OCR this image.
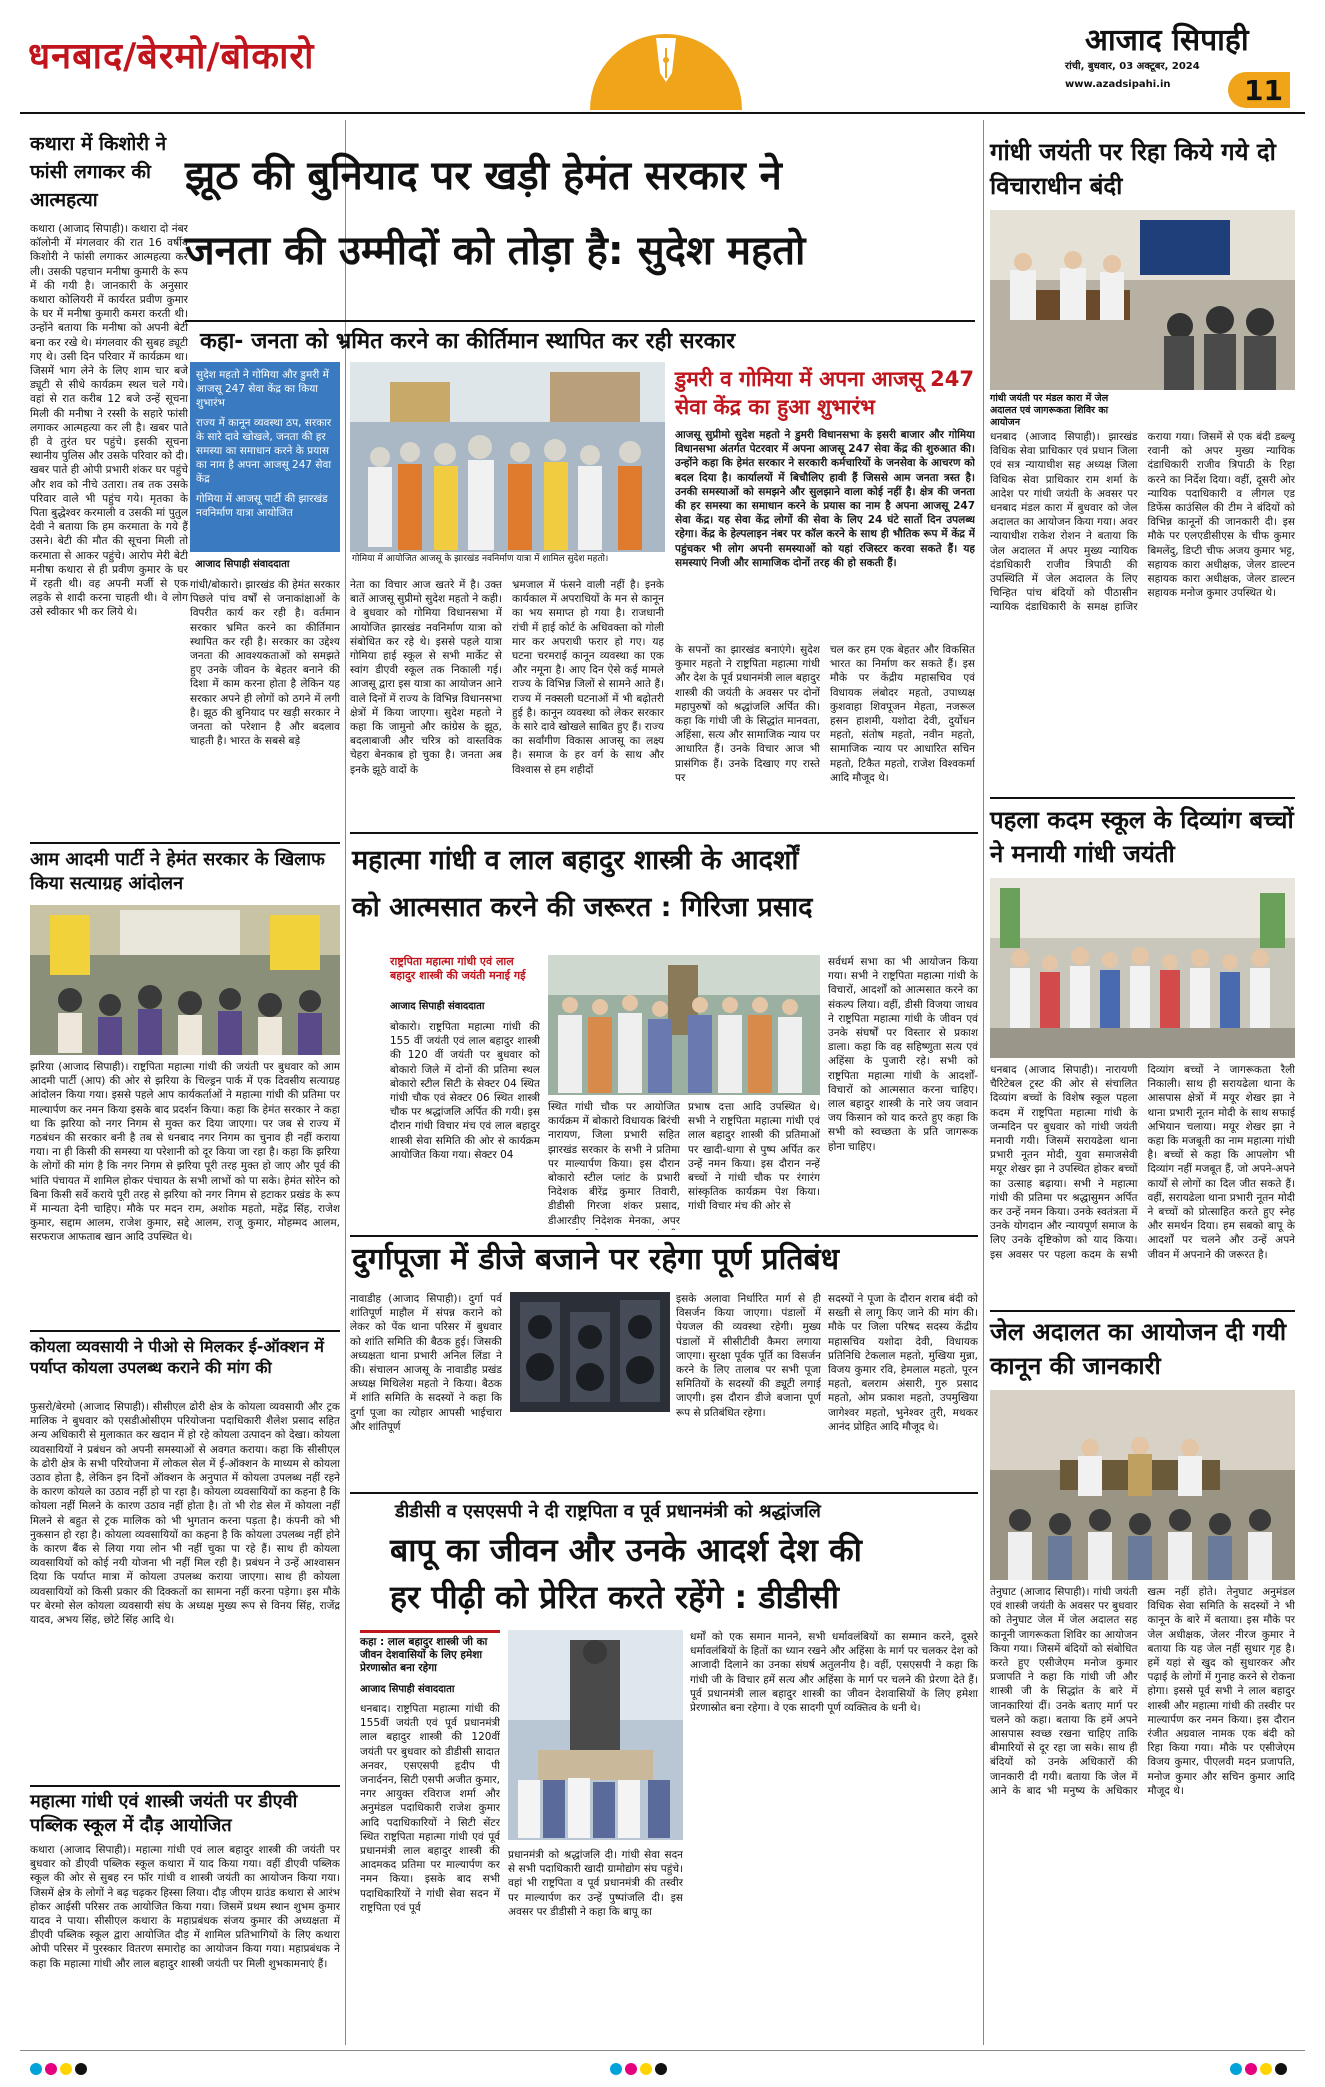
धनबाद/बेरमो/बोकारो	आजाद सिपाही
रांची, बुधवार, 03 अक्टूबर, 2024
www.azadsipahi.in	11
कथारा में किशोरी ने फांसी लगाकर की आत्महत्या
कथारा (आजाद सिपाही)। कथारा दो नंबर कॉलोनी में मंगलवार की रात 16 वर्षीय किशोरी ने फांसी लगाकर आत्महत्या कर ली। उसकी पहचान मनीषा कुमारी के रूप में की गयी है। जानकारी के अनुसार कथारा कोलियरी में कार्यरत प्रवीण कुमार के घर में मनीषा कुमारी कमरा करती थी। उन्होंने बताया कि मनीषा को अपनी बेटी बना कर रखे थे। मंगलवार की सुबह ड्यूटी गए थे। उसी दिन परिवार में कार्यक्रम था। जिसमें भाग लेने के लिए शाम चार बजे ड्यूटी से सीधे कार्यक्रम स्थल चले गये। वहां से रात करीब 12 बजे उन्हें सूचना मिली की मनीषा ने रस्सी के सहारे फांसी लगाकर आत्महत्या कर ली है। खबर पाते ही वे तुरंत घर पहुंचे। इसकी सूचना स्थानीय पुलिस और उसके परिवार को दी। खबर पाते ही ओपी प्रभारी शंकर घर पहुंचे और शव को नीचे उतारा। तब तक उसके परिवार वाले भी पहुंच गये। मृतका के पिता बुद्धेश्वर करमाली व उसकी मां पुतुल देवी ने बताया कि हम करमाता के गये हैं उसने। बेटी की मौत की सूचना मिली तो करमाता से आकर पहुंचे। आरोप मेरी बेटी मनीषा कथारा से ही प्रवीण कुमार के घर में रहती थी। वह अपनी मर्जी से एक लड़के से शादी करना चाहती थी। वे लोग उसे स्वीकार भी कर लिये थे।
आम आदमी पार्टी ने हेमंत सरकार के खिलाफ किया सत्याग्रह आंदोलन
झरिया (आजाद सिपाही)। राष्ट्रपिता महात्मा गांधी की जयंती पर बुधवार को आम आदमी पार्टी (आप) की ओर से झरिया के चिल्ड्रन पार्क में एक दिवसीय सत्याग्रह आंदोलन किया गया। इससे पहले आप कार्यकर्ताओं ने महात्मा गांधी की प्रतिमा पर माल्यार्पण कर नमन किया इसके बाद प्रदर्शन किया। कहा कि हेमंत सरकार ने कहा था कि झरिया को नगर निगम से मुक्त कर दिया जाएगा। पर जब से राज्य में गठबंधन की सरकार बनी है तब से धनबाद नगर निगम का चुनाव ही नहीं कराया गया। ना ही किसी की समस्या या परेशानी को दूर किया जा रहा है। कहा कि झरिया के लोगों की मांग है कि नगर निगम से झरिया पूरी तरह मुक्त हो जाए और पूर्व की भांति पंचायत में शामिल होकर पंचायत के सभी लाभों को पा सके। हेमंत सोरेन को बिना किसी सर्वे कराये पूरी तरह से झरिया को नगर निगम से हटाकर प्रखंड के रूप में मान्यता देनी चाहिए। मौके पर मदन राम, अशोक महतो, महेंद्र सिंह, राजेश कुमार, सद्दाम आलम, राजेश कुमार, सद्दे आलम, राजू कुमार, मोहम्मद आलम, सरफराज आफताब खान आदि उपस्थित थे।
कोयला व्यवसायी ने पीओ से मिलकर ई-ऑक्शन में पर्याप्त कोयला उपलब्ध कराने की मांग की
फुसरो/बेरमो (आजाद सिपाही)। सीसीएल ढोरी क्षेत्र के कोयला व्यवसायी और ट्रक मालिक ने बुधवार को एसडीओसीएम परियोजना पदाधिकारी शैलेश प्रसाद सहित अन्य अधिकारी से मुलाकात कर खदान में हो रहे कोयला उत्पादन को देखा। कोयला व्यवसायियों ने प्रबंधन को अपनी समस्याओं से अवगत कराया। कहा कि सीसीएल के ढोरी क्षेत्र के सभी परियोजना में लोकल सेल में ई-ऑक्शन के माध्यम से कोयला उठाव होता है, लेकिन इन दिनों ऑक्शन के अनुपात में कोयला उपलब्ध नहीं रहने के कारण कोयले का उठाव नहीं हो पा रहा है। कोयला व्यवसायियों का कहना है कि कोयला नहीं मिलने के कारण उठाव नहीं होता है। तो भी रोड सेल में कोयला नहीं मिलने से बहुत से ट्रक मालिक को भी भुगतान करना पड़ता है। कंपनी को भी नुकसान हो रहा है। कोयला व्यवसायियों का कहना है कि कोयला उपलब्ध नहीं होने के कारण बैंक से लिया गया लोन भी नहीं चुका पा रहे हैं। साथ ही कोयला व्यवसायियों को कोई नयी योजना भी नहीं मिल रही है। प्रबंधन ने उन्हें आश्वासन दिया कि पर्याप्त मात्रा में कोयला उपलब्ध कराया जाएगा। साथ ही कोयला व्यवसायियों को किसी प्रकार की दिक्कतों का सामना नहीं करना पड़ेगा। इस मौके पर बेरमो सेल कोयला व्यवसायी संघ के अध्यक्ष मुख्य रूप से विनय सिंह, राजेंद्र यादव, अभय सिंह, छोटे सिंह आदि थे।
महात्मा गांधी एवं शास्त्री जयंती पर डीएवी पब्लिक स्कूल में दौड़ आयोजित
कथारा (आजाद सिपाही)। महात्मा गांधी एवं लाल बहादुर शास्त्री की जयंती पर बुधवार को डीएवी पब्लिक स्कूल कथारा में याद किया गया। वहीं डीएवी पब्लिक स्कूल की ओर से सुबह रन फॉर गांधी व शास्त्री जयंती का आयोजन किया गया। जिसमें क्षेत्र के लोगों ने बढ़ चढ़कर हिस्सा लिया। दौड़ जीएम ग्राउंड कथारा से आरंभ होकर आईसी परिसर तक आयोजित किया गया। जिसमें प्रथम स्थान शुभम कुमार यादव ने पाया। सीसीएल कथारा के महाप्रबंधक संजय कुमार की अध्यक्षता में डीएवी पब्लिक स्कूल द्वारा आयोजित दौड़ में शामिल प्रतिभागियों के लिए कथारा ओपी परिसर में पुरस्कार वितरण समारोह का आयोजन किया गया। महाप्रबंधक ने कहा कि महात्मा गांधी और लाल बहादुर शास्त्री जयंती पर मिली शुभकामनाएं हैं।
झूठ की बुनियाद पर खड़ी हेमंत सरकार ने
जनता की उम्मीदों को तोड़ा है: सुदेश महतो
कहा- जनता को भ्रमित करने का कीर्तिमान स्थापित कर रही सरकार
सुदेश महतो ने गोमिया और डुमरी में आजसू 247 सेवा केंद्र का किया शुभारंभ
राज्य में कानून व्यवस्था ठप, सरकार के सारे दावे खोखले, जनता की हर समस्या का समाधान करने के प्रयास का नाम है अपना आजसू 247 सेवा केंद्र
गोमिया में आजसू पार्टी की झारखंड नवनिर्माण यात्रा आयोजित
आजाद सिपाही संवाददाता	गोमिया में आयोजित आजसू के झारखंड नवनिर्माण यात्रा में शामिल सुदेश महतो।
गांधी/बोकारो। झारखंड की हेमंत सरकार पिछले पांच वर्षों से जनाकांक्षाओं के विपरीत कार्य कर रही है। वर्तमान सरकार भ्रमित करने का कीर्तिमान स्थापित कर रही है। सरकार का उद्देश्य जनता की आवश्यकताओं को समझते हुए उनके जीवन के बेहतर बनाने की दिशा में काम करना होता है लेकिन यह सरकार अपने ही लोगों को ठगने में लगी है। झूठ की बुनियाद पर खड़ी सरकार ने जनता को परेशान है और बदलाव चाहती है। भारत के सबसे बड़े
नेता का विचार आज खतरे में है। उक्त बातें आजसू सुप्रीमो सुदेश महतो ने कही। वे बुधवार को गोमिया विधानसभा में आयोजित झारखंड नवनिर्माण यात्रा को संबोधित कर रहे थे। इससे पहले यात्रा गोमिया हाई स्कूल से सभी मार्केट से स्वांग डीएवी स्कूल तक निकाली गई। आजसू द्वारा इस यात्रा का आयोजन आने वाले दिनों में राज्य के विभिन्न विधानसभा क्षेत्रों में किया जाएगा। सुदेश महतो ने कहा कि जामुनो और कांग्रेस के झूठ, बदलाबाजी और चरित्र को वास्तविक चेहरा बेनकाब हो चुका है। जनता अब इनके झूठे वादों के
भ्रमजाल में फंसने वाली नहीं है। इनके कार्यकाल में अपराधियों के मन से कानून का भय समाप्त हो गया है। राजधानी रांची में हाई कोर्ट के अधिवक्ता को गोली मार कर अपराधी फरार हो गए। यह घटना चरमराई कानून व्यवस्था का एक और नमूना है। आए दिन ऐसे कई मामले राज्य के विभिन्न जिलों से सामने आते हैं। राज्य में नक्सली घटनाओं में भी बढ़ोतरी हुई है। कानून व्यवस्था को लेकर सरकार के सारे दावे खोखले साबित हुए हैं। राज्य का सर्वांगीण विकास आजसू का लक्ष्य है। समाज के हर वर्ग के साथ और विश्वास से हम शहीदों
डुमरी व गोमिया में अपना आजसू 247 सेवा केंद्र का हुआ शुभारंभ
आजसू सुप्रीमो सुदेश महतो ने डुमरी विधानसभा के इसरी बाजार और गोमिया विधानसभा अंतर्गत पेटरवार में अपना आजसू 247 सेवा केंद्र की शुरुआत की। उन्होंने कहा कि हेमंत सरकार ने सरकारी कर्मचारियों के जनसेवा के आचरण को बदल दिया है। कार्यालयों में बिचौलिए हावी हैं जिससे आम जनता त्रस्त है। उनकी समस्याओं को समझने और सुलझाने वाला कोई नहीं है। क्षेत्र की जनता की हर समस्या का समाधान करने के प्रयास का नाम है अपना आजसू 247 सेवा केंद्र। यह सेवा केंद्र लोगों की सेवा के लिए 24 घंटे सातों दिन उपलब्ध रहेगा। केंद्र के हेल्पलाइन नंबर पर कॉल करने के साथ ही भौतिक रूप में केंद्र में पहुंचकर भी लोग अपनी समस्याओं को यहां रजिस्टर करवा सकते हैं। यह समस्याएं निजी और सामाजिक दोनों तरह की हो सकती हैं।
के सपनों का झारखंड बनाएंगे। सुदेश कुमार महतो ने राष्ट्रपिता महात्मा गांधी और देश के पूर्व प्रधानमंत्री लाल बहादुर शास्त्री की जयंती के अवसर पर दोनों महापुरुषों को श्रद्धांजलि अर्पित की। कहा कि गांधी जी के सिद्धांत मानवता, अहिंसा, सत्य और सामाजिक न्याय पर आधारित हैं। उनके विचार आज भी प्रासंगिक हैं। उनके दिखाए गए रास्ते पर
चल कर हम एक बेहतर और विकसित भारत का निर्माण कर सकते हैं। इस मौके पर केंद्रीय महासचिव एवं विधायक लंबोदर महतो, उपाध्यक्ष कुशवाहा शिवपूजन मेहता, नजरूल हसन हाशमी, यशोदा देवी, दुर्योधन महतो, संतोष महतो, नवीन महतो, सामाजिक न्याय पर आधारित सचिन महतो, टिकैत महतो, राजेश विश्वकर्मा आदि मौजूद थे।
महात्मा गांधी व लाल बहादुर शास्त्री के आदर्शों
को आत्मसात करने की जरूरत : गिरिजा प्रसाद
राष्ट्रपिता महात्मा गांधी एवं लाल बहादुर शास्त्री की जयंती मनाई गई
आजाद सिपाही संवाददाता
बोकारो। राष्ट्रपिता महात्मा गांधी की 155 वीं जयंती एवं लाल बहादुर शास्त्री की 120 वीं जयंती पर बुधवार को बोकारो जिले में दोनों की प्रतिमा स्थल बोकारो स्टील सिटी के सेक्टर 04 स्थित गांधी चौक एवं सेक्टर 06 स्थित शास्त्री चौक पर श्रद्धांजलि अर्पित की गयी। इस दौरान गांधी विचार मंच एवं लाल बहादुर शास्त्री सेवा समिति की ओर से कार्यक्रम आयोजित किया गया। सेक्टर 04
स्थित गांधी चौक पर आयोजित कार्यक्रम में बोकारो विधायक बिरंची नारायण, जिला प्रभारी सहित झारखंड सरकार के सभी ने प्रतिमा पर माल्यार्पण किया। इस दौरान बोकारो स्टील प्लांट के प्रभारी निदेशक बीरेंद्र कुमार तिवारी, डीडीसी गिरजा शंकर प्रसाद, डीआरडीए निदेशक मेनका, अपर
प्रभाष दत्ता आदि उपस्थित थे। सभी ने राष्ट्रपिता महात्मा गांधी एवं लाल बहादुर शास्त्री की प्रतिमाओं पर खादी-धागा से पुष्प अर्पित कर उन्हें नमन किया। इस दौरान नन्हें बच्चों ने गांधी चौक पर रंगारंग सांस्कृतिक कार्यक्रम पेश किया। गांधी विचार मंच की ओर से
सर्वधर्म सभा का भी आयोजन किया गया। सभी ने राष्ट्रपिता महात्मा गांधी के विचारों, आदर्शों को आत्मसात करने का संकल्प लिया। वहीं, डीसी विजया जाधव ने राष्ट्रपिता महात्मा गांधी के जीवन एवं उनके संघर्षों पर विस्तार से प्रकाश डाला। कहा कि वह सहिष्णुता सत्य एवं अहिंसा के पुजारी रहे। सभी को राष्ट्रपिता महात्मा गांधी के आदर्शों-विचारों को आत्मसात करना चाहिए। लाल बहादुर शास्त्री के नारे जय जवान जय किसान को याद करते हुए कहा कि सभी को स्वच्छता के प्रति जागरूक होना चाहिए।
दुर्गापूजा में डीजे बजाने पर रहेगा पूर्ण प्रतिबंध
नावाडीह (आजाद सिपाही)। दुर्गा पर्व शांतिपूर्ण माहौल में संपन्न कराने को लेकर को पेंक थाना परिसर में बुधवार को शांति समिति की बैठक हुई। जिसकी अध्यक्षता थाना प्रभारी अनिल लिंडा ने की। संचालन आजसू के नावाडीह प्रखंड अध्यक्ष मिथिलेश महतो ने किया। बैठक में शांति समिति के सदस्यों ने कहा कि दुर्गा पूजा का त्योहार आपसी भाईचारा और शांतिपूर्ण
इसके अलावा निर्धारित मार्ग से ही विसर्जन किया जाएगा। पंडालों में पेयजल की व्यवस्था रहेगी। मुख्य पंडालों में सीसीटीवी कैमरा लगाया जाएगा। सुरक्षा पूर्वक पूर्ति का विसर्जन करने के लिए तालाब पर सभी पूजा समितियों के सदस्यों की ड्यूटी लगाई जाएगी। इस दौरान डीजे बजाना पूर्ण रूप से प्रतिबंधित रहेगा।
सदस्यों ने पूजा के दौरान शराब बंदी को सख्ती से लागू किए जाने की मांग की। मौके पर जिला परिषद सदस्य केंद्रीय महासचिव यशोदा देवी, विधायक प्रतिनिधि टेकलाल महतो, मुखिया मुन्ना, विजय कुमार रवि, हेमलाल महतो, पूरन महतो, बलराम अंसारी, गुरु प्रसाद महतो, ओम प्रकाश महतो, उपमुखिया जागेश्वर महतो, भुनेश्वर तुरी, मथकर आनंद प्रोहित आदि मौजूद थे।
डीडीसी व एसएसपी ने दी राष्ट्रपिता व पूर्व प्रधानमंत्री को श्रद्धांजलि
बापू का जीवन और उनके आदर्श देश की
हर पीढ़ी को प्रेरित करते रहेंगे : डीडीसी
कहा : लाल बहादुर शास्त्री जी का जीवन देशवासियों के लिए हमेशा प्रेरणास्रोत बना रहेगा
आजाद सिपाही संवाददाता
धनबाद। राष्ट्रपिता महात्मा गांधी की 155वीं जयंती एवं पूर्व प्रधानमंत्री लाल बहादुर शास्त्री की 120वीं जयंती पर बुधवार को डीडीसी सादात अनवर, एसएसपी हृदीप पी जनार्दनन, सिटी एसपी अजीत कुमार, नगर आयुक्त रविराज शर्मा और अनुमंडल पदाधिकारी राजेश कुमार आदि पदाधिकारियों ने सिटी सेंटर स्थित राष्ट्रपिता महात्मा गांधी एवं पूर्व प्रधानमंत्री लाल बहादुर शास्त्री की आदमकद प्रतिमा पर माल्यार्पण कर नमन किया। इसके बाद सभी पदाधिकारियों ने गांधी सेवा सदन में राष्ट्रपिता एवं पूर्व
प्रधानमंत्री को श्रद्धांजलि दी। गांधी सेवा सदन से सभी पदाधिकारी खादी ग्रामोद्योग संघ पहुंचे। वहां भी राष्ट्रपिता व पूर्व प्रधानमंत्री की तस्वीर पर माल्यार्पण कर उन्हें पुष्पांजलि दी। इस अवसर पर डीडीसी ने कहा कि बापू का
धर्मों को एक समान मानने, सभी धर्मावलंबियों का सम्मान करने, दूसरे धर्मावलंबियों के हितों का ध्यान रखने और अहिंसा के मार्ग पर चलकर देश को आजादी दिलाने का उनका संघर्ष अतुलनीय है। वहीं, एसएसपी ने कहा कि गांधी जी के विचार हमें सत्य और अहिंसा के मार्ग पर चलने की प्रेरणा देते हैं। पूर्व प्रधानमंत्री लाल बहादुर शास्त्री का जीवन देशवासियों के लिए हमेशा प्रेरणास्रोत बना रहेगा। वे एक सादगी पूर्ण व्यक्तित्व के धनी थे।
गांधी जयंती पर रिहा किये गये दो विचाराधीन बंदी
गांधी जयंती पर मंडल कारा में जेल अदालत एवं जागरूकता शिविर का आयोजन
धनबाद (आजाद सिपाही)। झारखंड विधिक सेवा प्राधिकार एवं प्रधान जिला एवं सत्र न्यायाधीश सह अध्यक्ष जिला विधिक सेवा प्राधिकार राम शर्मा के आदेश पर गांधी जयंती के अवसर पर धनबाद मंडल कारा में बुधवार को जेल अदालत का आयोजन किया गया। अवर न्यायाधीश राकेश रोशन ने बताया कि जेल अदालत में अपर मुख्य न्यायिक दंडाधिकारी राजीव त्रिपाठी की उपस्थिति में जेल अदालत के लिए चिन्हित पांच बंदियों को पीठासीन न्यायिक दंडाधिकारी के समक्ष हाजिर कराया गया। जिसमें से एक बंदी डब्ल्यू रवानी को अपर मुख्य न्यायिक दंडाधिकारी राजीव त्रिपाठी के रिहा करने का निर्देश दिया। वहीं, दूसरी ओर न्यायिक पदाधिकारी व लीगल एड डिफेंस काउंसिल की टीम ने बंदियों को विभिन्न कानूनों की जानकारी दी। इस मौके पर एलएडीसीएस के चीफ कुमार बिमलेंदु, डिप्टी चीफ अजय कुमार भट्ट, सहायक कारा अधीक्षक, जेलर डाल्टन सहायक कारा अधीक्षक, जेलर डाल्टन सहायक मनोज कुमार उपस्थित थे।
पहला कदम स्कूल के दिव्यांग बच्चों ने मनायी गांधी जयंती
धनबाद (आजाद सिपाही)। नारायणी चैरिटेबल ट्रस्ट की ओर से संचालित दिव्यांग बच्चों के विशेष स्कूल पहला कदम में राष्ट्रपिता महात्मा गांधी के जन्मदिन पर बुधवार को गांधी जयंती मनायी गयी। जिसमें सरायढेला थाना प्रभारी नूतन मोदी, युवा समाजसेवी मयूर शेखर झा ने उपस्थित होकर बच्चों का उत्साह बढ़ाया। सभी ने महात्मा गांधी की प्रतिमा पर श्रद्धासुमन अर्पित कर उन्हें नमन किया। उनके स्वतंत्रता में उनके योगदान और न्यायपूर्ण समाज के लिए उनके दृष्टिकोण को याद किया। इस अवसर पर पहला कदम के सभी दिव्यांग बच्चों ने जागरूकता रैली निकाली। साथ ही सरायढेला थाना के आसपास क्षेत्रों में मयूर शेखर झा ने थाना प्रभारी नूतन मोदी के साथ सफाई अभियान चलाया। मयूर शेखर झा ने कहा कि मजबूती का नाम महात्मा गांधी है। बच्चों से कहा कि आपलोग भी दिव्यांग नहीं मजबूत हैं, जो अपने-अपने कार्यों से लोगों का दिल जीत सकते हैं। वहीं, सरायढेला थाना प्रभारी नूतन मोदी ने बच्चों को प्रोत्साहित करते हुए स्नेह और समर्थन दिया। हम सबको बापू के आदर्शों पर चलने और उन्हें अपने जीवन में अपनाने की जरूरत है।
जेल अदालत का आयोजन दी गयी कानून की जानकारी
तेनुघाट (आजाद सिपाही)। गांधी जयंती एवं शास्त्री जयंती के अवसर पर बुधवार को तेनुघाट जेल में जेल अदालत सह कानूनी जागरूकता शिविर का आयोजन किया गया। जिसमें बंदियों को संबोधित करते हुए एसीजेएम मनोज कुमार प्रजापति ने कहा कि गांधी जी और शास्त्री जी के सिद्धांत के बारे में जानकारियां दीं। उनके बताए मार्ग पर चलने को कहा। बताया कि हमें अपने आसपास स्वच्छ रखना चाहिए ताकि बीमारियों से दूर रहा जा सके। साथ ही बंदियों को उनके अधिकारों की जानकारी दी गयी। बताया कि जेल में आने के बाद भी मनुष्य के अधिकार खत्म नहीं होते। तेनुघाट अनुमंडल विधिक सेवा समिति के सदस्यों ने भी कानून के बारे में बताया। इस मौके पर जेल अधीक्षक, जेलर नीरज कुमार ने बताया कि यह जेल नहीं सुधार गृह है। हमें यहां से खुद को सुधारकर और पढ़ाई के लोगों में गुनाह करने से रोकना होगा। इससे पूर्व सभी ने लाल बहादुर शास्त्री और महात्मा गांधी की तस्वीर पर माल्यार्पण कर नमन किया। इस दौरान रंजीत अग्रवाल नामक एक बंदी को रिहा किया गया। मौके पर एसीजेएम विजय कुमार, पीएलवी मदन प्रजापति, मनोज कुमार और सचिन कुमार आदि मौजूद थे।
